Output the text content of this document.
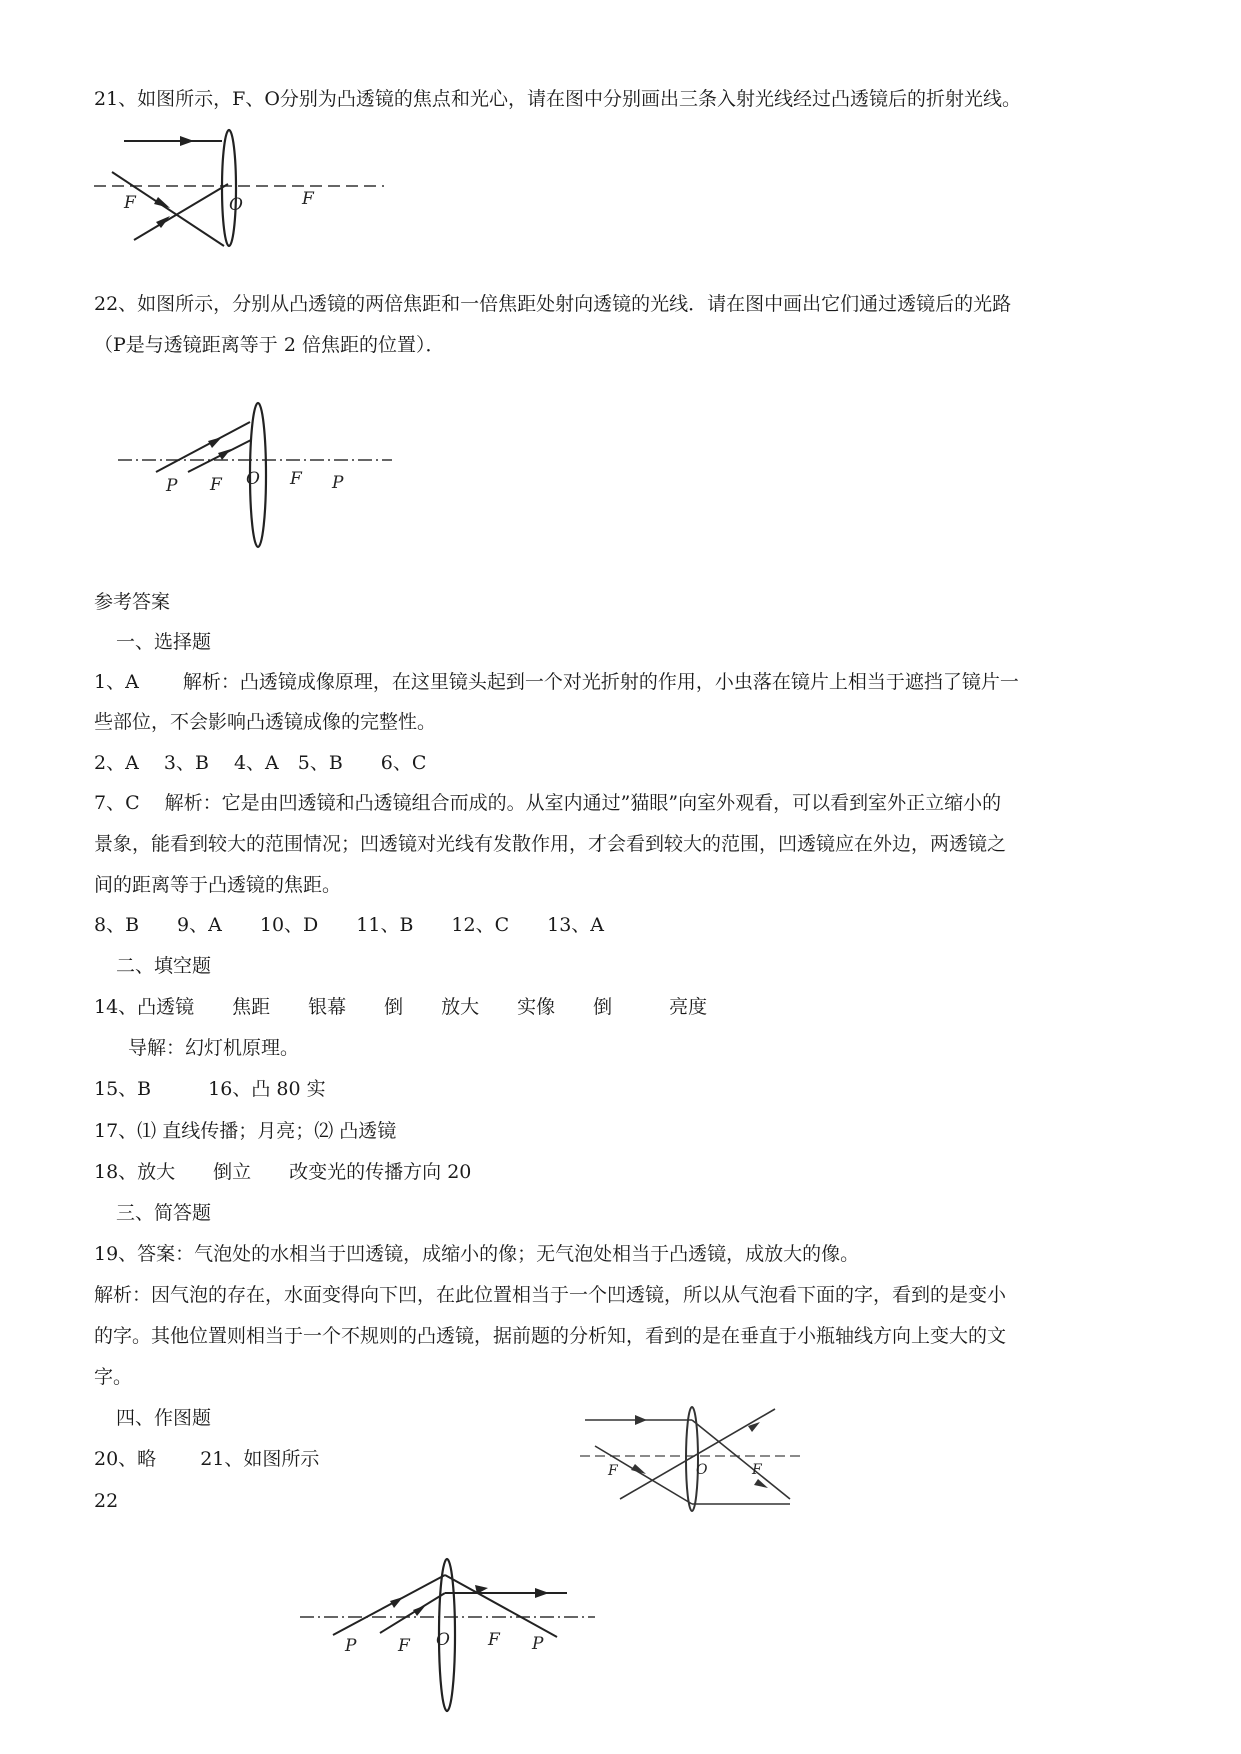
21、如图所示，F、O分别为凸透镜的焦点和光心，请在图中分别画出三条入射光线经过凸透镜后的折射光线。
F	O	F
22、如图所示，分别从凸透镜的两倍焦距和一倍焦距处射向透镜的光线．请在图中画出它们通过透镜后的光路
（P是与透镜距离等于 2 倍焦距的位置）．
P F O F P
参考答案
一、选择题
1、A　　 解析：凸透镜成像原理，在这里镜头起到一个对光折射的作用，小虫落在镜片上相当于遮挡了镜片一
些部位，不会影响凸透镜成像的完整性。
2、A　 3、B　 4、A　5、B　　6、C
7、C　 解析：它是由凹透镜和凸透镜组合而成的。从室内通过”猫眼”向室外观看，可以看到室外正立缩小的
景象，能看到较大的范围情况；凹透镜对光线有发散作用，才会看到较大的范围，凹透镜应在外边，两透镜之
间的距离等于凸透镜的焦距。
8、B　　9、A　　10、D　　11、B　　12、C　　13、A
二、填空题
14、凸透镜　　焦距　　银幕　　倒　　放大　　实像　　倒　　　亮度
导解：幻灯机原理。
15、B　　　16、凸 80 实
17、⑴ 直线传播；月亮；⑵ 凸透镜
18、放大　　倒立　　改变光的传播方向 20
三、简答题
19、答案：气泡处的水相当于凹透镜，成缩小的像；无气泡处相当于凸透镜，成放大的像。
解析：因气泡的存在，水面变得向下凹，在此位置相当于一个凹透镜，所以从气泡看下面的字，看到的是变小
的字。其他位置则相当于一个不规则的凸透镜，据前题的分析知，看到的是在垂直于小瓶轴线方向上变大的文
字。
四、作图题
20、略　　 21、如图所示
22
F	O	F
P F O F P
